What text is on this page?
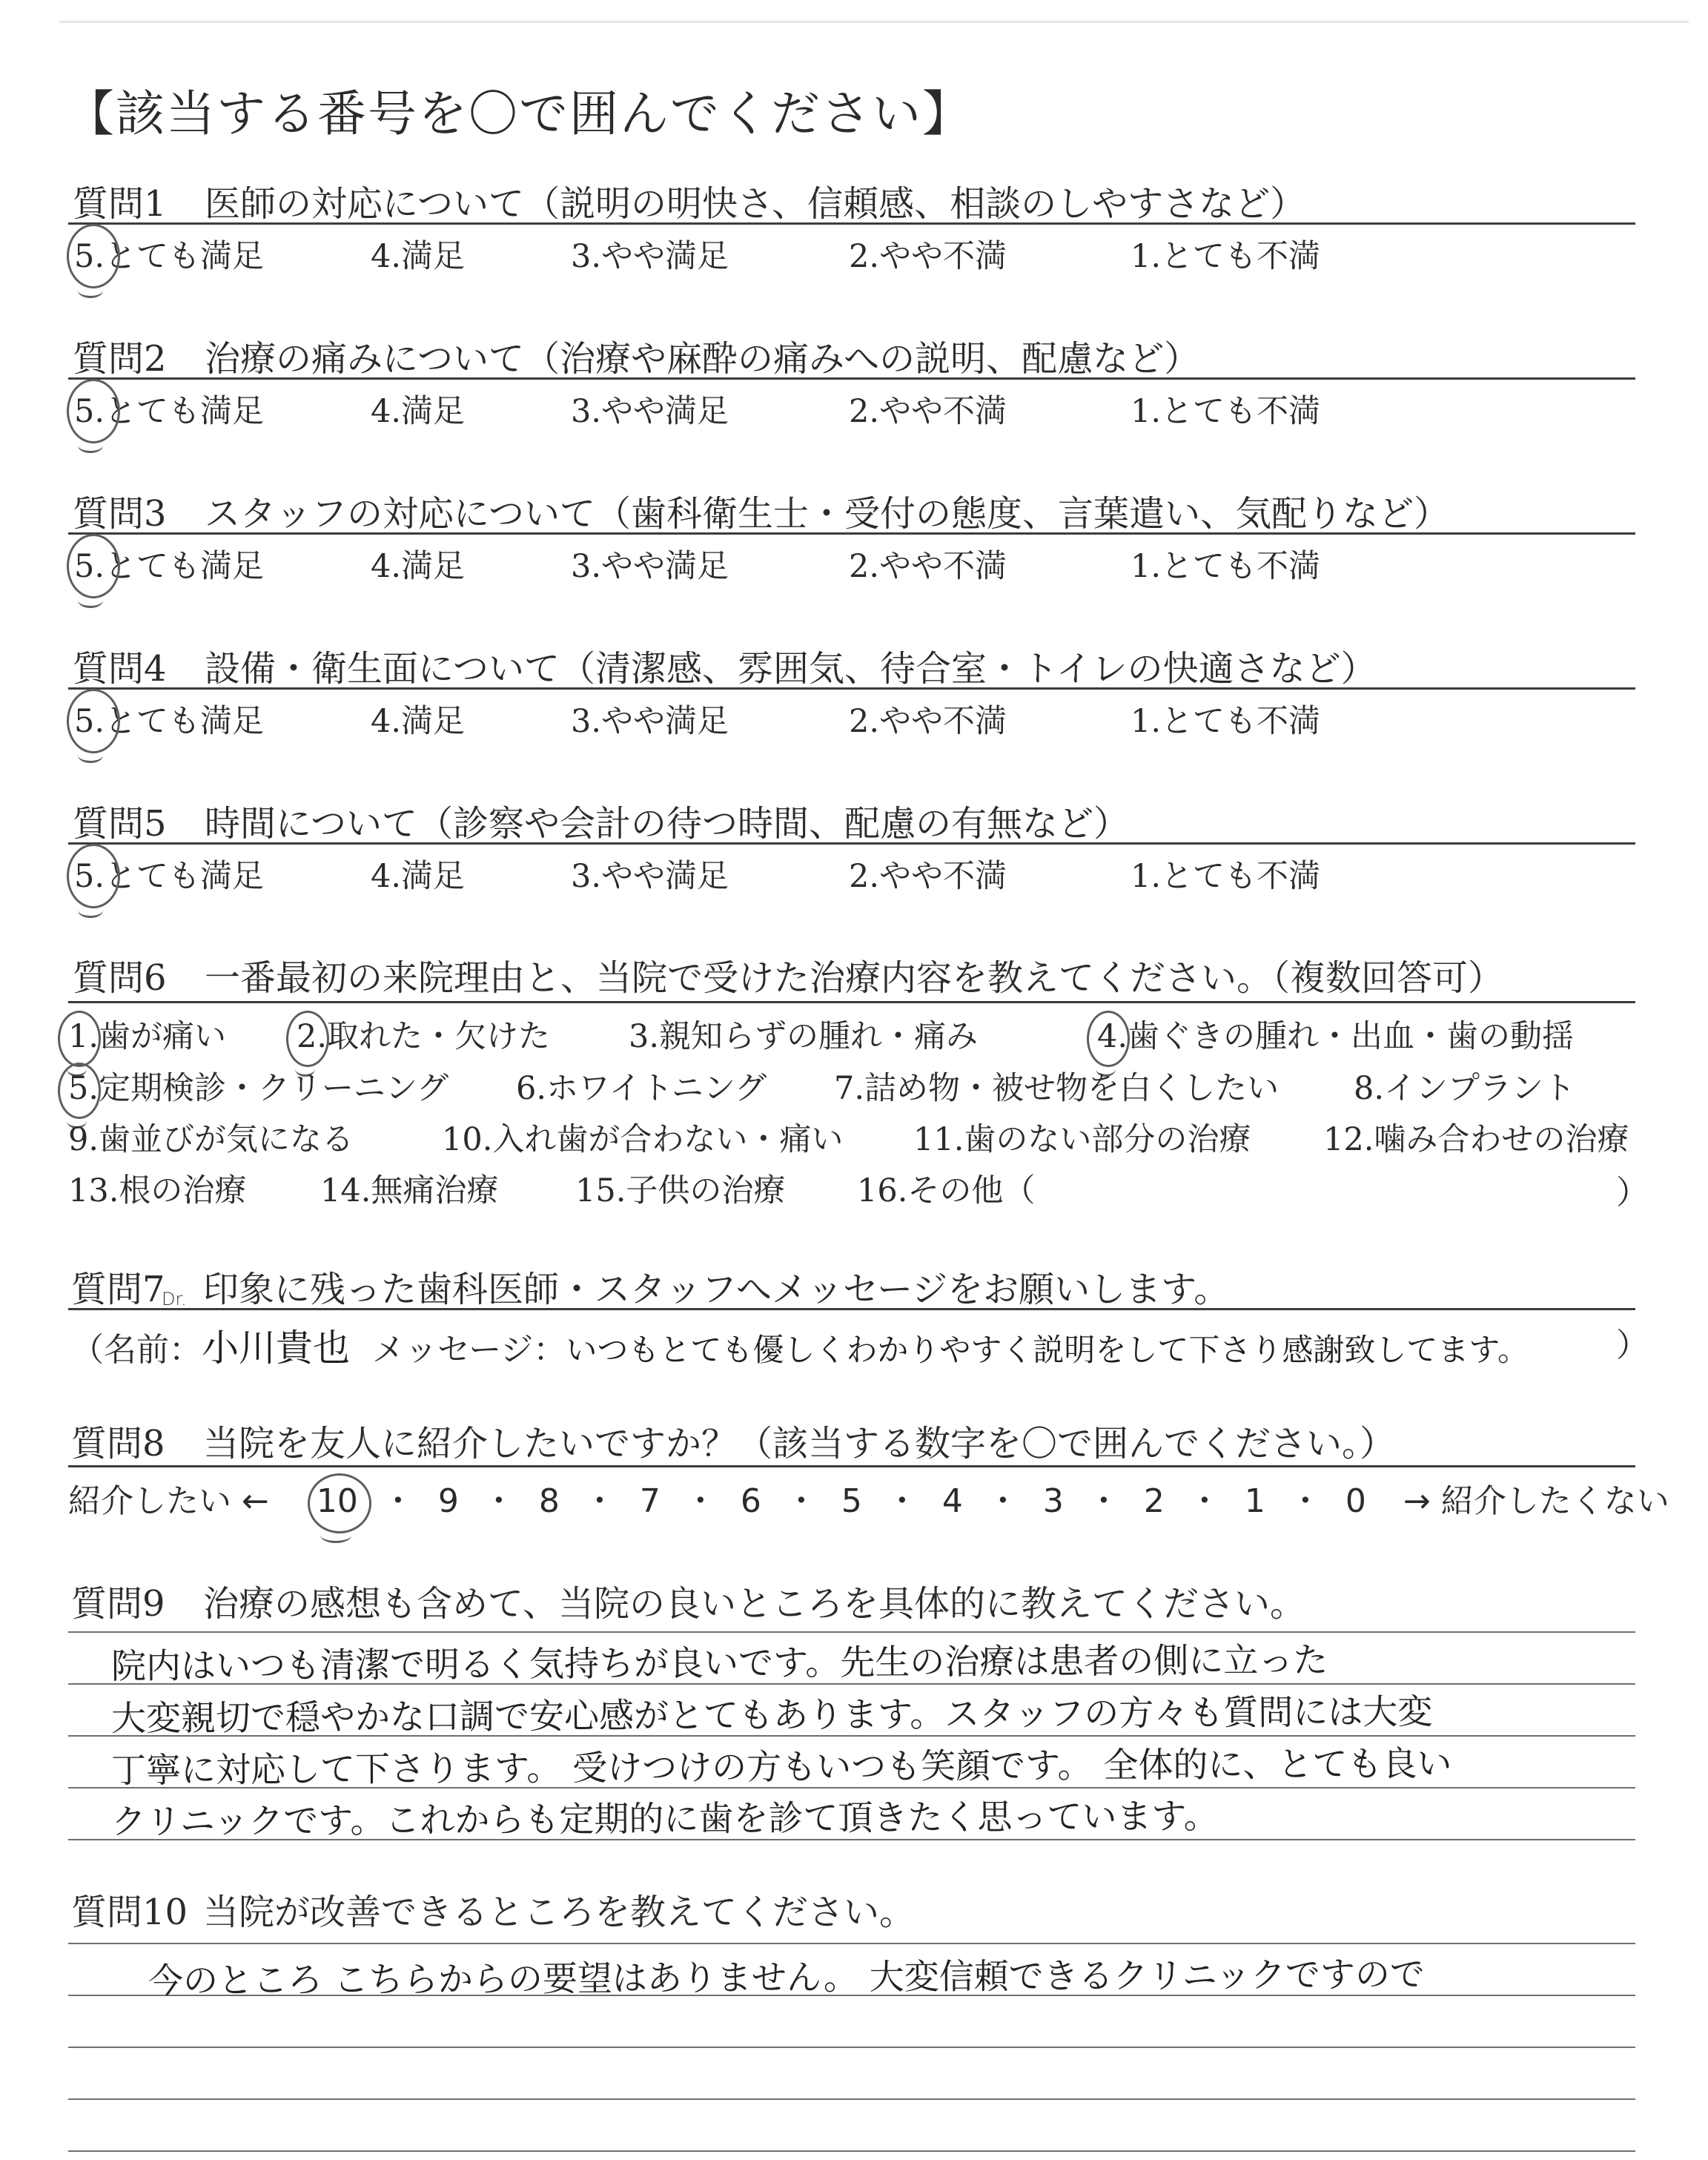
【該当する番号を〇で囲んでください】
質問1 医師の対応について（説明の明快さ、信頼感、相談のしやすさなど）
5.とても満足	4.満足	3.やや満足	2.やや不満	1.とても不満
質問2 治療の痛みについて（治療や麻酔の痛みへの説明、配慮など）
5.とても満足	4.満足	3.やや満足	2.やや不満	1.とても不満
質問3 スタッフの対応について（歯科衛生士・受付の態度、言葉遣い、気配りなど）
5.とても満足	4.満足	3.やや満足	2.やや不満	1.とても不満
質問4 設備・衛生面について（清潔感、雰囲気、待合室・トイレの快適さなど）
5.とても満足	4.満足	3.やや満足	2.やや不満	1.とても不満
質問5 時間について（診察や会計の待つ時間、配慮の有無など）
5.とても満足	4.満足	3.やや満足	2.やや不満	1.とても不満
質問6 一番最初の来院理由と、当院で受けた治療内容を教えてください。（複数回答可）
1.
歯が痛い 2.
取れた・欠けた 3.親知らずの腫れ・痛み	4.
歯ぐきの腫れ・出血・歯の動揺
5.
定期検診・クリーニング 6.ホワイトニング 7.詰め物・被せ物を白くしたい 8.インプラント
9.歯並びが気になる	10.入れ歯が合わない・痛い 11.歯のない部分の治療 12.噛み合わせの治療
13.根の治療 14.無痛治療 15.子供の治療 16.その他（	）
質問7 印象に残った歯科医師・スタッフへメッセージをお願いします。
Dr.
（名前：小川貴也 メッセージ：いつもとても優しくわかりやすく説明をして下さり感謝致してます。	）
質問8 当院を友人に紹介したいですか？（該当する数字を〇で囲んでください。）
紹介したい ← 10 ・ 9 ・ 8 ・ 7 ・ 6 ・ 5 ・ 4 ・ 3 ・ 2 ・ 1 ・ 0 → 紹介したくない
質問9 治療の感想も含めて、当院の良いところを具体的に教えてください。
院内はいつも清潔で明るく気持ちが良いです。先生の治療は患者の側に立った
大変親切で穏やかな口調で安心感がとてもあります。スタッフの方々も質問には大変
丁寧に対応して下さります。 受けつけの方もいつも笑顔です。 全体的に、とても良い
クリニックです。これからも定期的に歯を診て頂きたく思っています。
質問10 当院が改善できるところを教えてください。
今のところ こちらからの要望はありません。 大変信頼できるクリニックですので
